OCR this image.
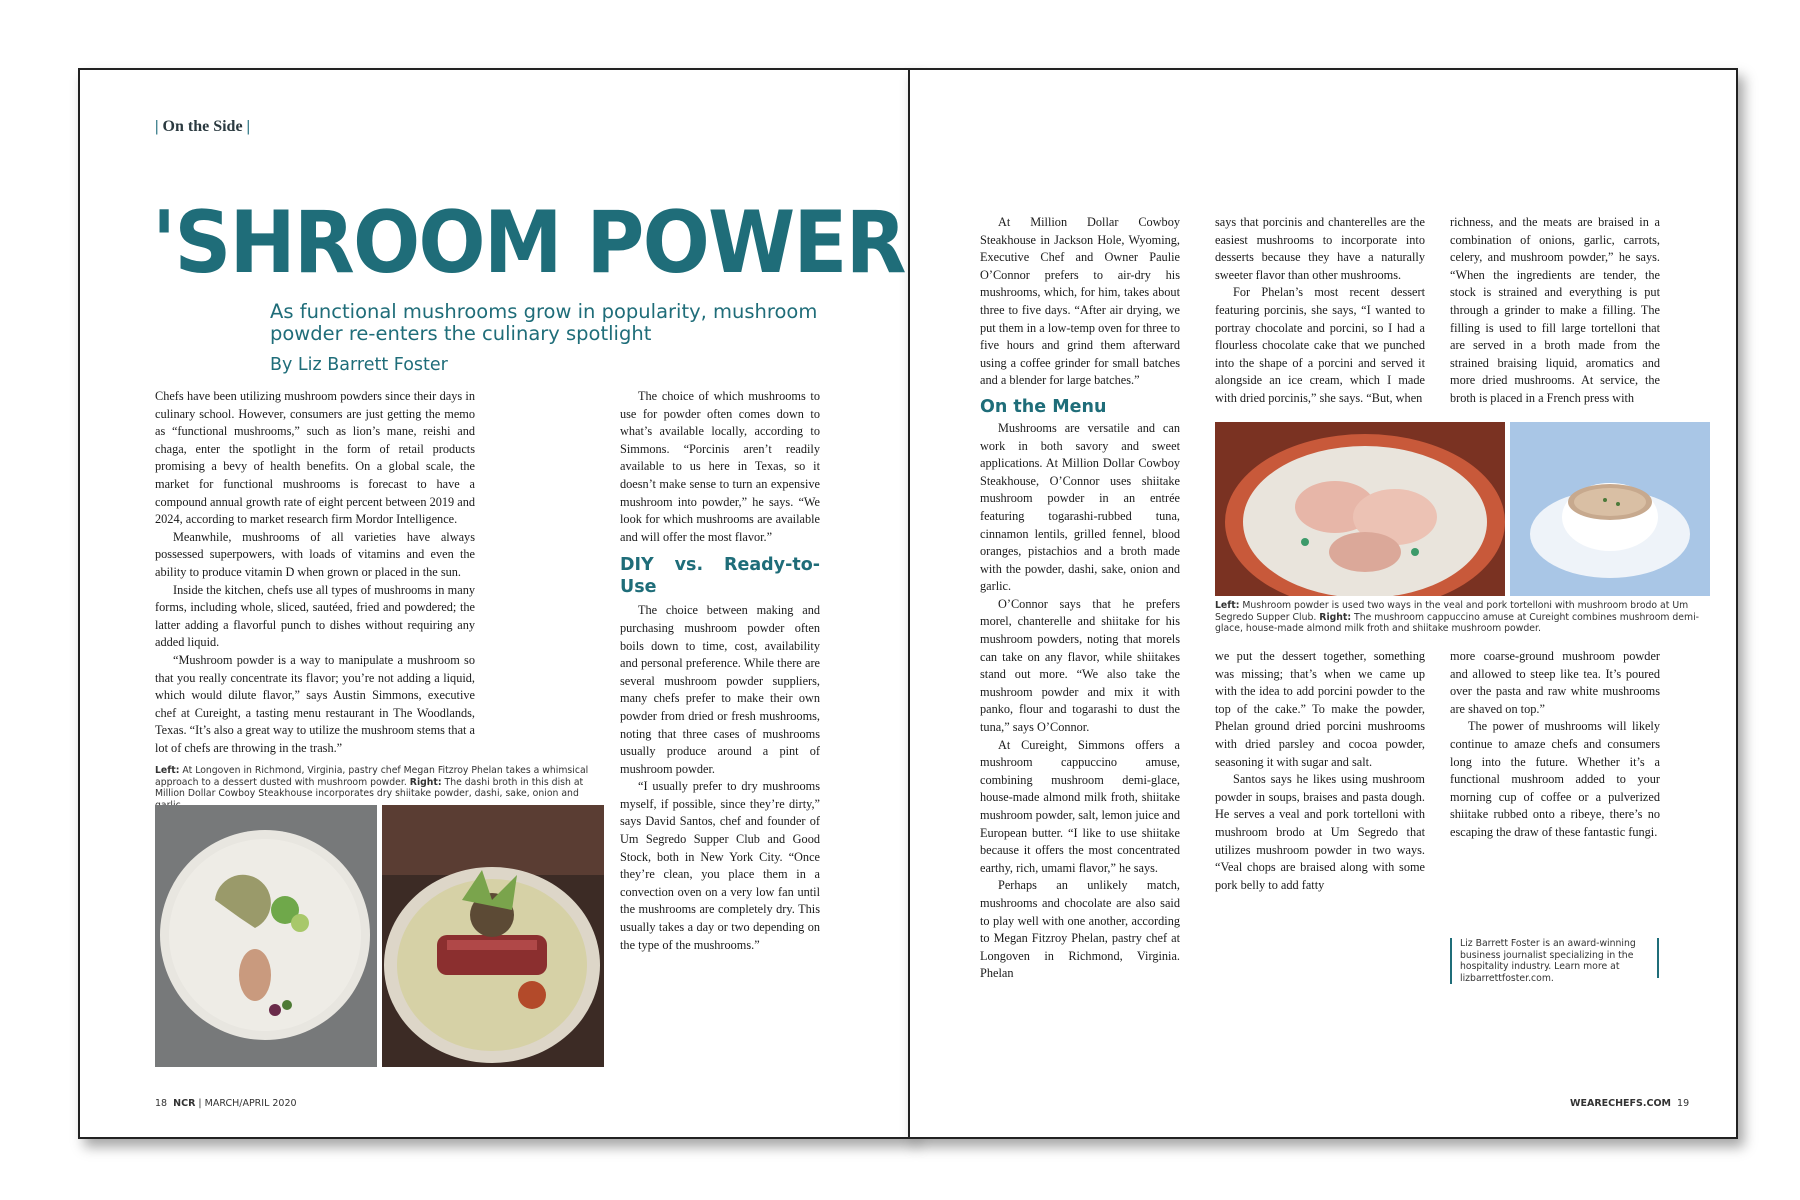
| On the Side |
'SHROOM POWER
As functional mushrooms grow in popularity, mushroom powder re-enters the culinary spotlight
By Liz Barrett Foster

Chefs have been utilizing mushroom powders since their days in culinary school. However, consumers are just getting the memo as “functional mushrooms,” such as lion’s mane, reishi and chaga, enter the spotlight in the form of retail products promising a bevy of health benefits. On a global scale, the market for functional mushrooms is forecast to have a compound annual growth rate of eight percent between 2019 and 2024, according to market research firm Mordor Intelligence.

Meanwhile, mushrooms of all varieties have always possessed superpowers, with loads of vitamins and even the ability to produce vitamin D when grown or placed in the sun.

Inside the kitchen, chefs use all types of mushrooms in many forms, including whole, sliced, sautéed, fried and powdered; the latter adding a flavorful punch to dishes without requiring any added liquid.

“Mushroom powder is a way to manipulate a mushroom so that you really concentrate its flavor; you’re not adding a liquid, which would dilute flavor,” says Austin Simmons, executive chef at Cureight, a tasting menu restaurant in The Woodlands, Texas. “It’s also a great way to utilize the mushroom stems that a lot of chefs are throwing in the trash.”

The choice of which mushrooms to use for powder often comes down to what’s available locally, according to Simmons. “Porcinis aren’t readily available to us here in Texas, so it doesn’t make sense to turn an expensive mushroom into powder,” he says. “We look for which mushrooms are available and will offer the most flavor.”

DIY vs. Ready-to-Use

The choice between making and purchasing mushroom powder often boils down to time, cost, availability and personal preference. While there are several mushroom powder suppliers, many chefs prefer to make their own powder from dried or fresh mushrooms, noting that three cases of mushrooms usually produce around a pint of mushroom powder.

“I usually prefer to dry mushrooms myself, if possible, since they’re dirty,” says David Santos, chef and founder of Um Segredo Supper Club and Good Stock, both in New York City. “Once they’re clean, you place them in a convection oven on a very low fan until the mushrooms are completely dry. This usually takes a day or two depending on the type of the mushrooms.”

Left: At Longoven in Richmond, Virginia, pastry chef Megan Fitzroy Phelan takes a whimsical approach to a dessert dusted with mushroom powder. Right: The dashi broth in this dish at Million Dollar Cowboy Steakhouse incorporates dry shiitake powder, dashi, sake, onion and
18 NCR | MARCH/APRIL 2020

At Million Dollar Cowboy Steakhouse in Jackson Hole, Wyoming, Executive Chef and Owner Paulie O’Connor prefers to air-dry his mushrooms, which, for him, takes about three to five days. “After air drying, we put them in a low-temp oven for three to five hours and grind them afterward using a coffee grinder for small batches and a blender for large batches.”

On the Menu

Mushrooms are versatile and can work in both savory and sweet applications. At Million Dollar Cowboy Steakhouse, O’Connor uses shiitake mushroom powder in an entrée featuring togarashi-rubbed tuna, cinnamon lentils, grilled fennel, blood oranges, pistachios and a broth made with the powder, dashi, sake, onion and garlic.

O’Connor says that he prefers morel, chanterelle and shiitake for his mushroom powders, noting that morels can take on any flavor, while shiitakes stand out more. “We also take the mushroom powder and mix it with panko, flour and togarashi to dust the tuna,” says O’Connor.

At Cureight, Simmons offers a mushroom cappuccino amuse, combining mushroom demi-glace, house-made almond milk froth, shiitake mushroom powder, salt, lemon juice and European butter. “I like to use shiitake because it offers the most concentrated earthy, rich, umami flavor,” he says.

Perhaps an unlikely match, mushrooms and chocolate are also said to play well with one another, according to Megan Fitzroy Phelan, pastry chef at Longoven in Richmond, Virginia. Phelan

says that porcinis and chanterelles are the easiest mushrooms to incorporate into desserts because they have a naturally sweeter flavor than other mushrooms.

For Phelan’s most recent dessert featuring porcinis, she says, “I wanted to portray chocolate and porcini, so I had a flourless chocolate cake that we punched into the shape of a porcini and served it alongside an ice cream, which I made with dried porcinis,” she says. “But, when

richness, and the meats are braised in a combination of onions, garlic, carrots, celery, and mushroom powder,” he says. “When the ingredients are tender, the stock is strained and everything is put through a grinder to make a filling. The filling is used to fill large tortelloni that are served in a broth made from the strained braising liquid, aromatics and more dried mushrooms. At service, the broth is placed in a French press with

Left: Mushroom powder is used two ways in the veal and pork tortelloni with mushroom brodo at Um Segredo Supper Club. Right: The mushroom cappuccino amuse at Cureight combines mushroom demi-glace, house-made almond milk froth and shiitake mushroom powder.

we put the dessert together, something was missing; that’s when we came up with the idea to add porcini powder to the top of the cake.” To make the powder, Phelan ground dried porcini mushrooms with dried parsley and cocoa powder, seasoning it with sugar and salt.

Santos says he likes using mushroom powder in soups, braises and pasta dough. He serves a veal and pork tortelloni with mushroom brodo at Um Segredo that utilizes mushroom powder in two ways. “Veal chops are braised along with some pork belly to add fatty

more coarse-ground mushroom powder and allowed to steep like tea. It’s poured over the pasta and raw white mushrooms are shaved on top.”

The power of mushrooms will likely continue to amaze chefs and consumers long into the future. Whether it’s a functional mushroom added to your morning cup of coffee or a pulverized shiitake rubbed onto a ribeye, there’s no escaping the draw of these fantastic fungi.

Liz Barrett Foster is an award-winning business journalist specializing in the hospitality industry. Learn more at lizbarrettfoster.com.
WEARECHEFS.COM 19
